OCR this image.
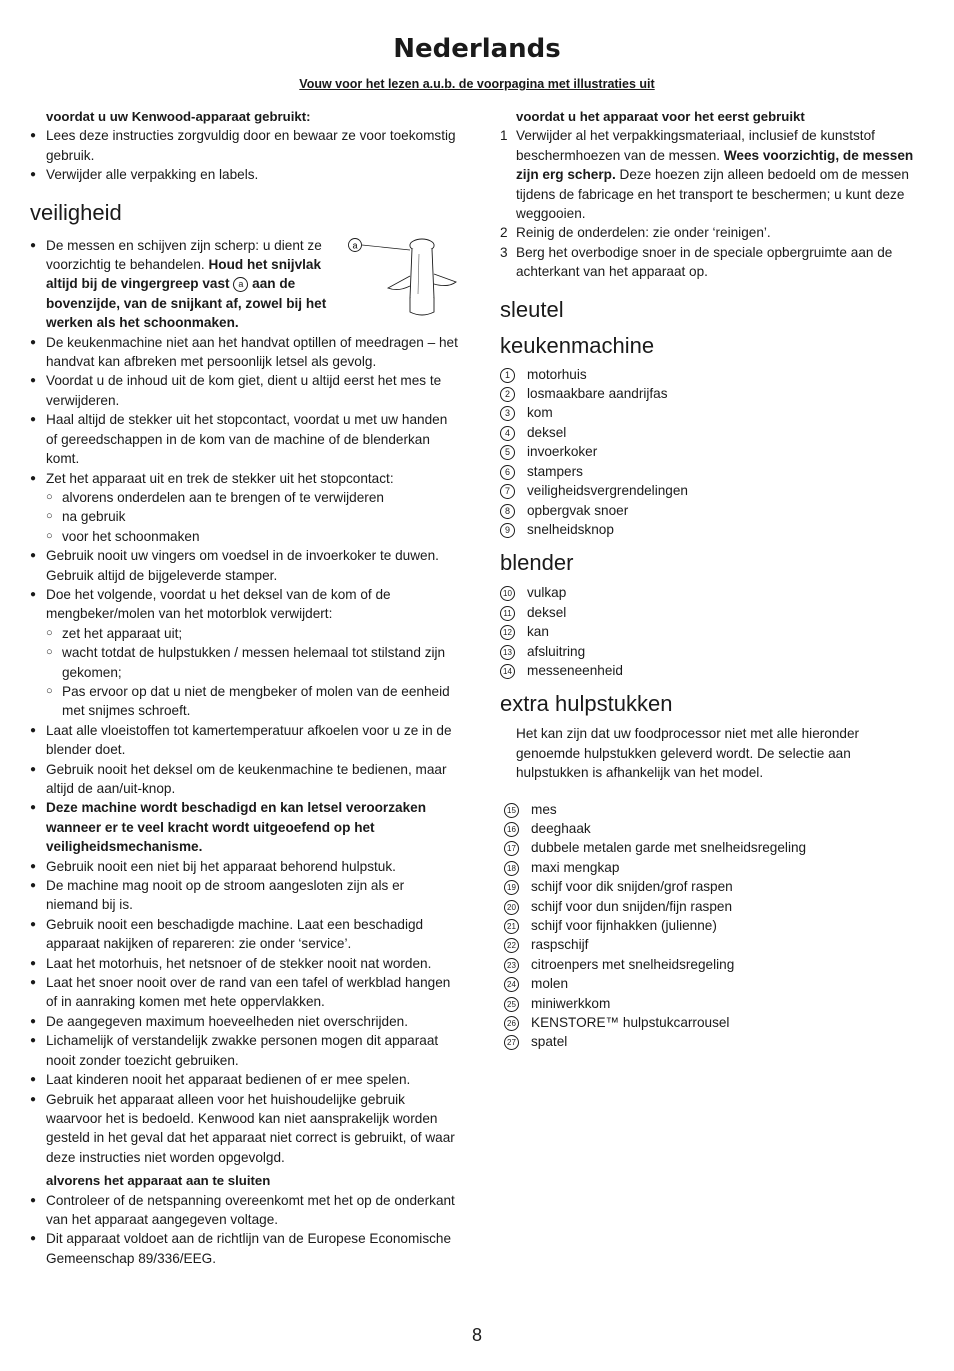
Nederlands
Vouw voor het lezen a.u.b. de voorpagina met illustraties uit
voordat u uw Kenwood-apparaat gebruikt:
● Lees deze instructies zorgvuldig door en bewaar ze voor toekomstig gebruik.
● Verwijder alle verpakking en labels.
veiligheid
● De messen en schijven zijn scherp: u dient ze voorzichtig te behandelen. Houd het snijvlak altijd bij de vingergreep vast a aan de bovenzijde, van de snijkant af, zowel bij het werken als het schoonmaken.
a
● De keukenmachine niet aan het handvat optillen of meedragen – het handvat kan afbreken met persoonlijk letsel als gevolg.
● Voordat u de inhoud uit de kom giet, dient u altijd eerst het mes te verwijderen.
● Haal altijd de stekker uit het stopcontact, voordat u met uw handen of gereedschappen in de kom van de machine of de blenderkan komt.
● Zet het apparaat uit en trek de stekker uit het stopcontact:
○ alvorens onderdelen aan te brengen of te verwijderen
○ na gebruik
○ voor het schoonmaken
● Gebruik nooit uw vingers om voedsel in de invoerkoker te duwen. Gebruik altijd de bijgeleverde stamper.
● Doe het volgende, voordat u het deksel van de kom of de mengbeker/molen van het motorblok verwijdert:
○ zet het apparaat uit;
○ wacht totdat de hulpstukken / messen helemaal tot stilstand zijn gekomen;
○ Pas ervoor op dat u niet de mengbeker of molen van de eenheid met snijmes schroeft.
● Laat alle vloeistoffen tot kamertemperatuur afkoelen voor u ze in de blender doet.
● Gebruik nooit het deksel om de keukenmachine te bedienen, maar altijd de aan/uit-knop.
● Deze machine wordt beschadigd en kan letsel veroorzaken wanneer er te veel kracht wordt uitgeoefend op het veiligheidsmechanisme.
● Gebruik nooit een niet bij het apparaat behorend hulpstuk.
● De machine mag nooit op de stroom aangesloten zijn als er niemand bij is.
● Gebruik nooit een beschadigde machine. Laat een beschadigd apparaat nakijken of repareren: zie onder ‘service’.
● Laat het motorhuis, het netsnoer of de stekker nooit nat worden.
● Laat het snoer nooit over de rand van een tafel of werkblad hangen of in aanraking komen met hete oppervlakken.
● De aangegeven maximum hoeveelheden niet overschrijden.
● Lichamelijk of verstandelijk zwakke personen mogen dit apparaat nooit zonder toezicht gebruiken.
● Laat kinderen nooit het apparaat bedienen of er mee spelen.
● Gebruik het apparaat alleen voor het huishoudelijke gebruik waarvoor het is bedoeld. Kenwood kan niet aansprakelijk worden gesteld in het geval dat het apparaat niet correct is gebruikt, of waar deze instructies niet worden opgevolgd.
alvorens het apparaat aan te sluiten
● Controleer of de netspanning overeenkomt met het op de onderkant van het apparaat aangegeven voltage.
● Dit apparaat voldoet aan de richtlijn van de Europese Economische Gemeenschap 89/336/EEG.
voordat u het apparaat voor het eerst gebruikt
1 Verwijder al het verpakkingsmateriaal, inclusief de kunststof beschermhoezen van de messen. Wees voorzichtig, de messen zijn erg scherp. Deze hoezen zijn alleen bedoeld om de messen tijdens de fabricage en het transport te beschermen; u kunt deze weggooien.
2 Reinig de onderdelen: zie onder ‘reinigen’.
3 Berg het overbodige snoer in de speciale opbergruimte aan de achterkant van het apparaat op.
sleutel
keukenmachine
1	motorhuis
2	losmaakbare aandrijfas
3	kom
4	deksel
5	invoerkoker
6	stampers
7	veiligheidsvergrendelingen
8	opbergvak snoer
9	snelheidsknop
blender
10 vulkap
11 deksel
12 kan
13 afsluitring
14 messeneenheid
extra hulpstukken
Het kan zijn dat uw foodprocessor niet met alle hieronder genoemde hulpstukken geleverd wordt. De selectie aan hulpstukken is afhankelijk van het model.
15 mes
16 deeghaak
17 dubbele metalen garde met snelheidsregeling
18 maxi mengkap
19 schijf voor dik snijden/grof raspen
20 schijf voor dun snijden/fijn raspen
21 schijf voor fijnhakken (julienne)
22 raspschijf
23 citroenpers met snelheidsregeling
24 molen
25 miniwerkkom
26 KENSTORE™ hulpstukcarrousel
27 spatel
8
